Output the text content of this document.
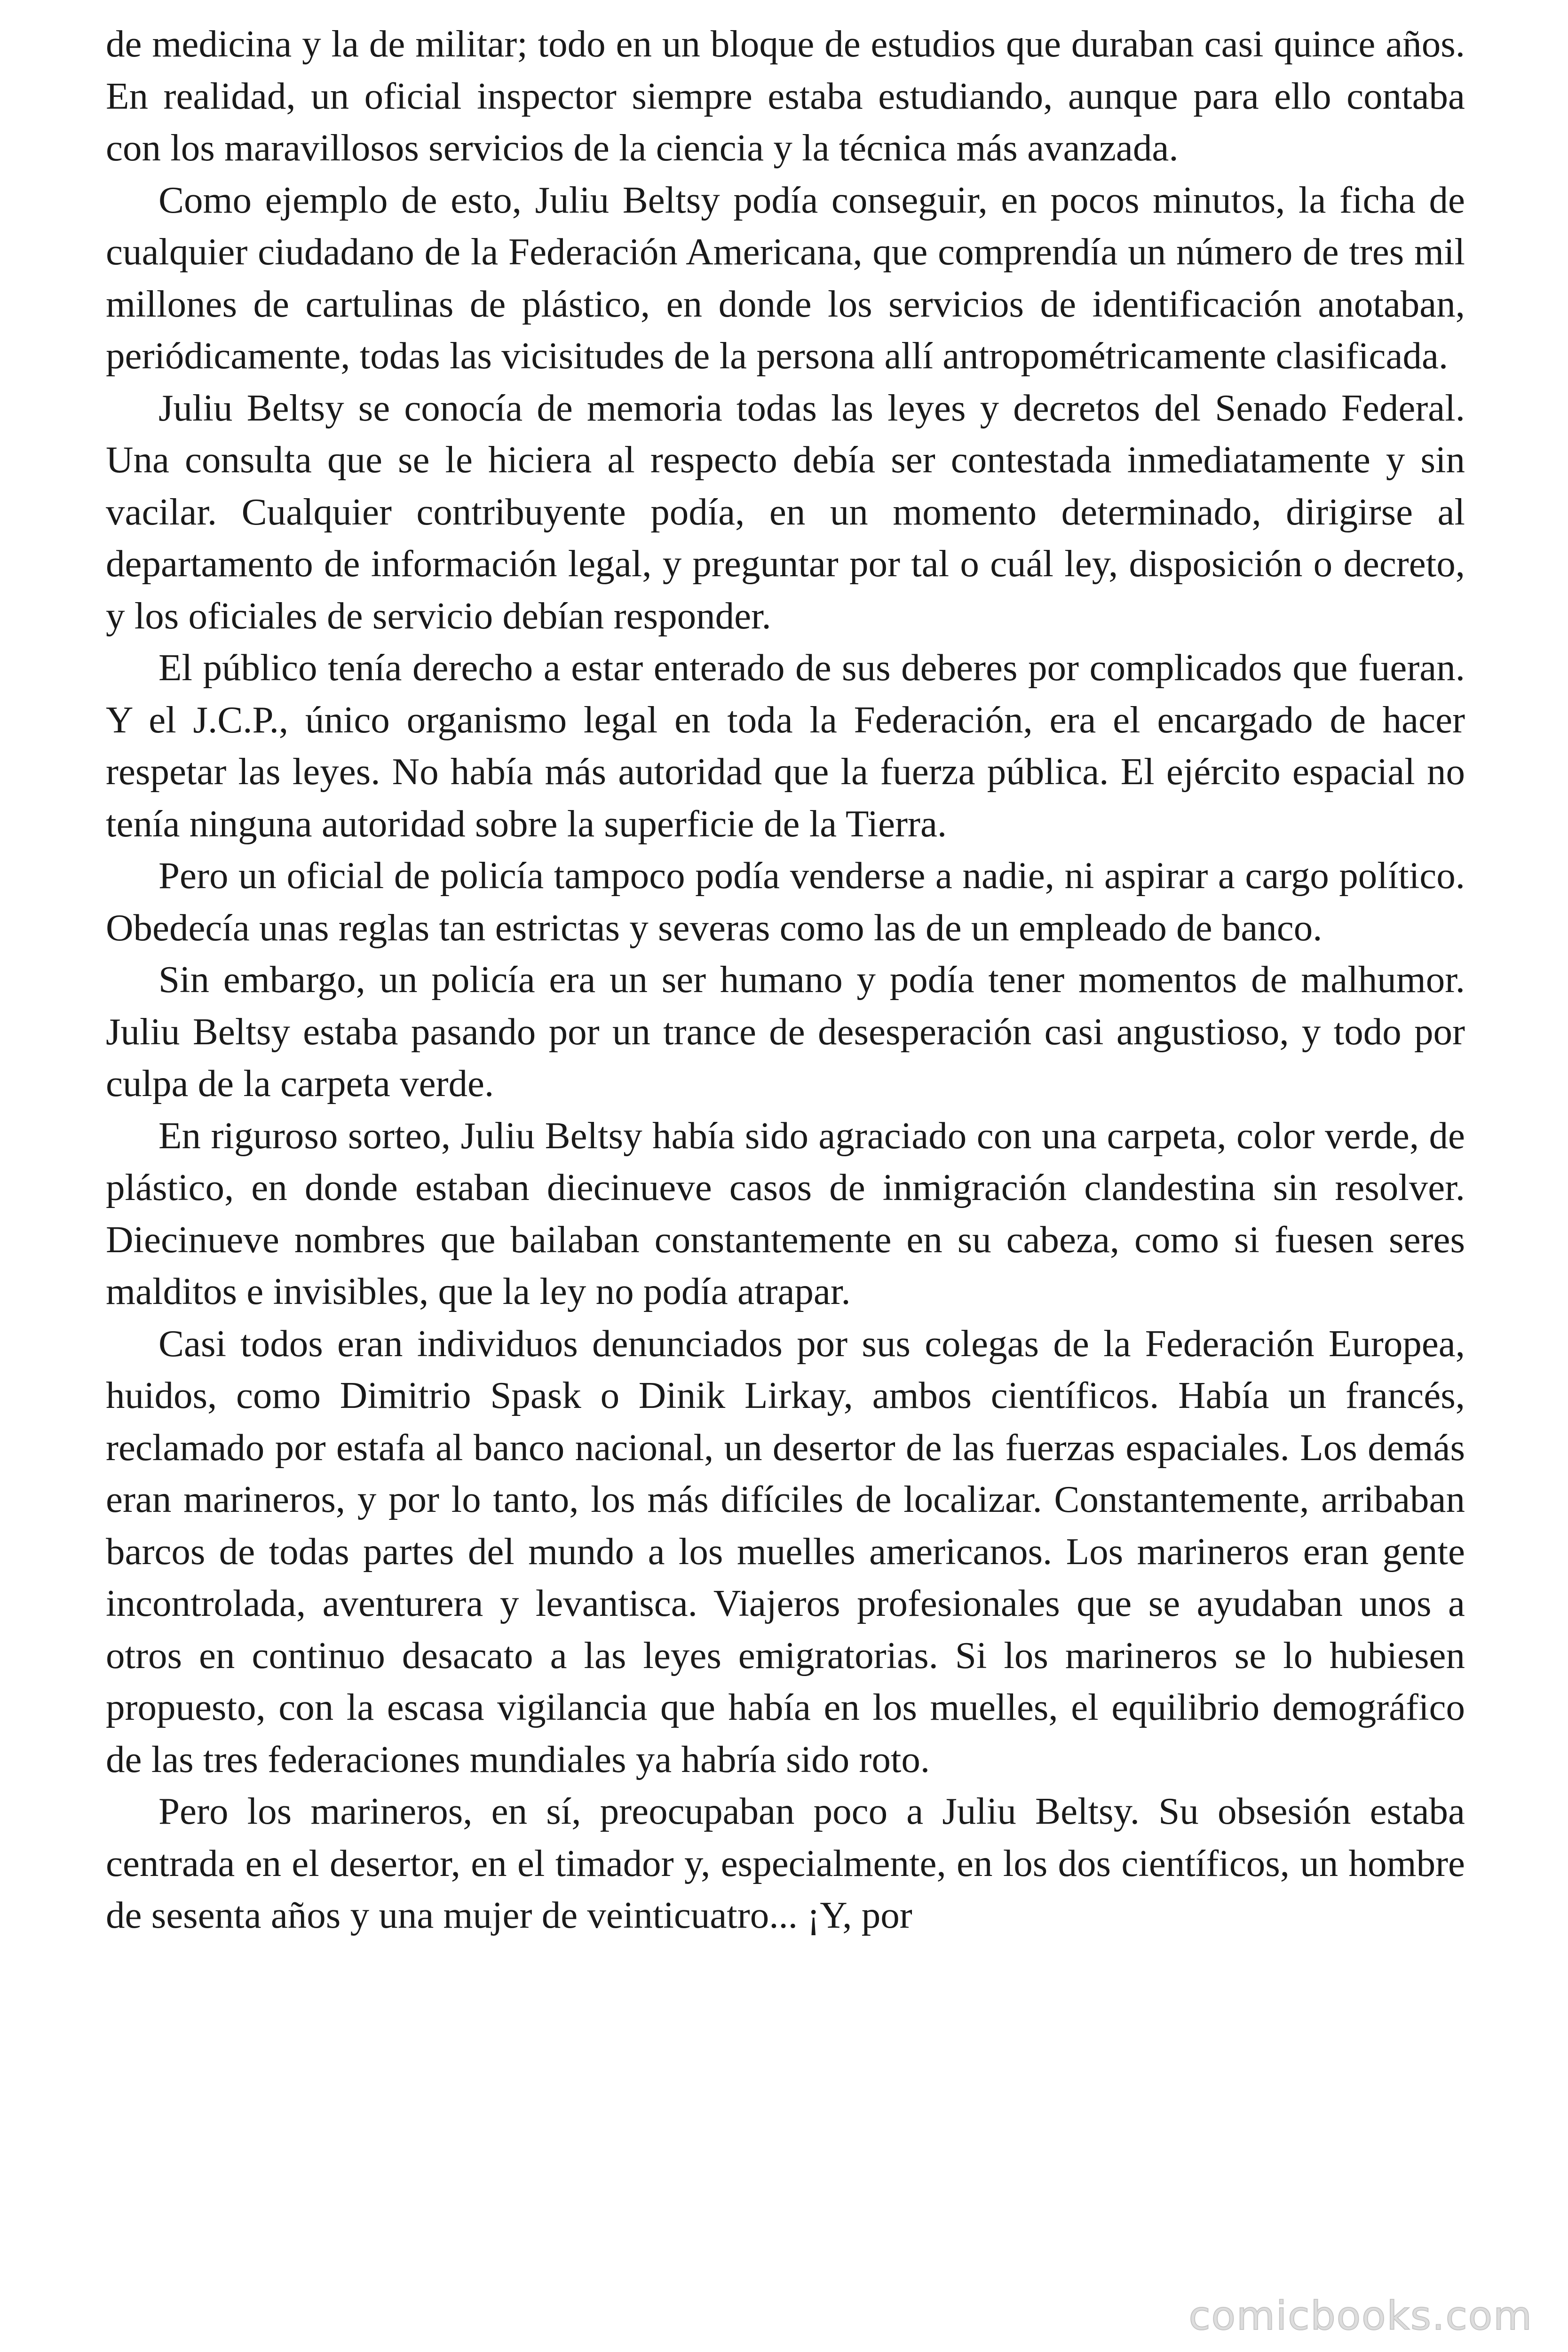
de medicina y la de militar; todo en un bloque de estudios que duraban casi quince años. En realidad, un oficial inspector siempre estaba estudiando, aunque para ello contaba con los maravillosos servicios de la ciencia y la técnica más avanzada.

Como ejemplo de esto, Juliu Beltsy podía conseguir, en pocos minutos, la ficha de cualquier ciudadano de la Federación Americana, que comprendía un número de tres mil millones de cartulinas de plástico, en donde los servicios de identificación anotaban, periódicamente, todas las vicisitudes de la persona allí antropométricamente clasificada.

Juliu Beltsy se conocía de memoria todas las leyes y decretos del Senado Federal. Una consulta que se le hiciera al respecto debía ser contestada inmediatamente y sin vacilar. Cualquier contribuyente podía, en un momento determinado, dirigirse al departamento de información legal, y preguntar por tal o cuál ley, disposición o decreto, y los oficiales de servicio debían responder.

El público tenía derecho a estar enterado de sus deberes por complicados que fueran. Y el J.C.P., único organismo legal en toda la Federación, era el encargado de hacer respetar las leyes. No había más autoridad que la fuerza pública. El ejército espacial no tenía ninguna autoridad sobre la superficie de la Tierra.

Pero un oficial de policía tampoco podía venderse a nadie, ni aspirar a cargo político. Obedecía unas reglas tan estrictas y severas como las de un empleado de banco.

Sin embargo, un policía era un ser humano y podía tener momentos de malhumor. Juliu Beltsy estaba pasando por un trance de desesperación casi angustioso, y todo por culpa de la carpeta verde.

En riguroso sorteo, Juliu Beltsy había sido agraciado con una carpeta, color verde, de plástico, en donde estaban diecinueve casos de inmigración clandestina sin resolver. Diecinueve nombres que bailaban constantemente en su cabeza, como si fuesen seres malditos e invisibles, que la ley no podía atrapar.

Casi todos eran individuos denunciados por sus colegas de la Federación Europea, huidos, como Dimitrio Spask o Dinik Lirkay, ambos científicos. Había un francés, reclamado por estafa al banco nacional, un desertor de las fuerzas espaciales. Los demás eran marineros, y por lo tanto, los más difíciles de localizar. Constantemente, arribaban barcos de todas partes del mundo a los muelles americanos. Los marineros eran gente incontrolada, aventurera y levantisca. Viajeros profesionales que se ayudaban unos a otros en continuo desacato a las leyes emigratorias. Si los marineros se lo hubiesen propuesto, con la escasa vigilancia que había en los muelles, el equilibrio demográfico de las tres federaciones mundiales ya habría sido roto.

Pero los marineros, en sí, preocupaban poco a Juliu Beltsy. Su obsesión estaba centrada en el desertor, en el timador y, especialmente, en los dos científicos, un hombre de sesenta años y una mujer de veinticuatro... ¡Y, por

comicbooks.com
